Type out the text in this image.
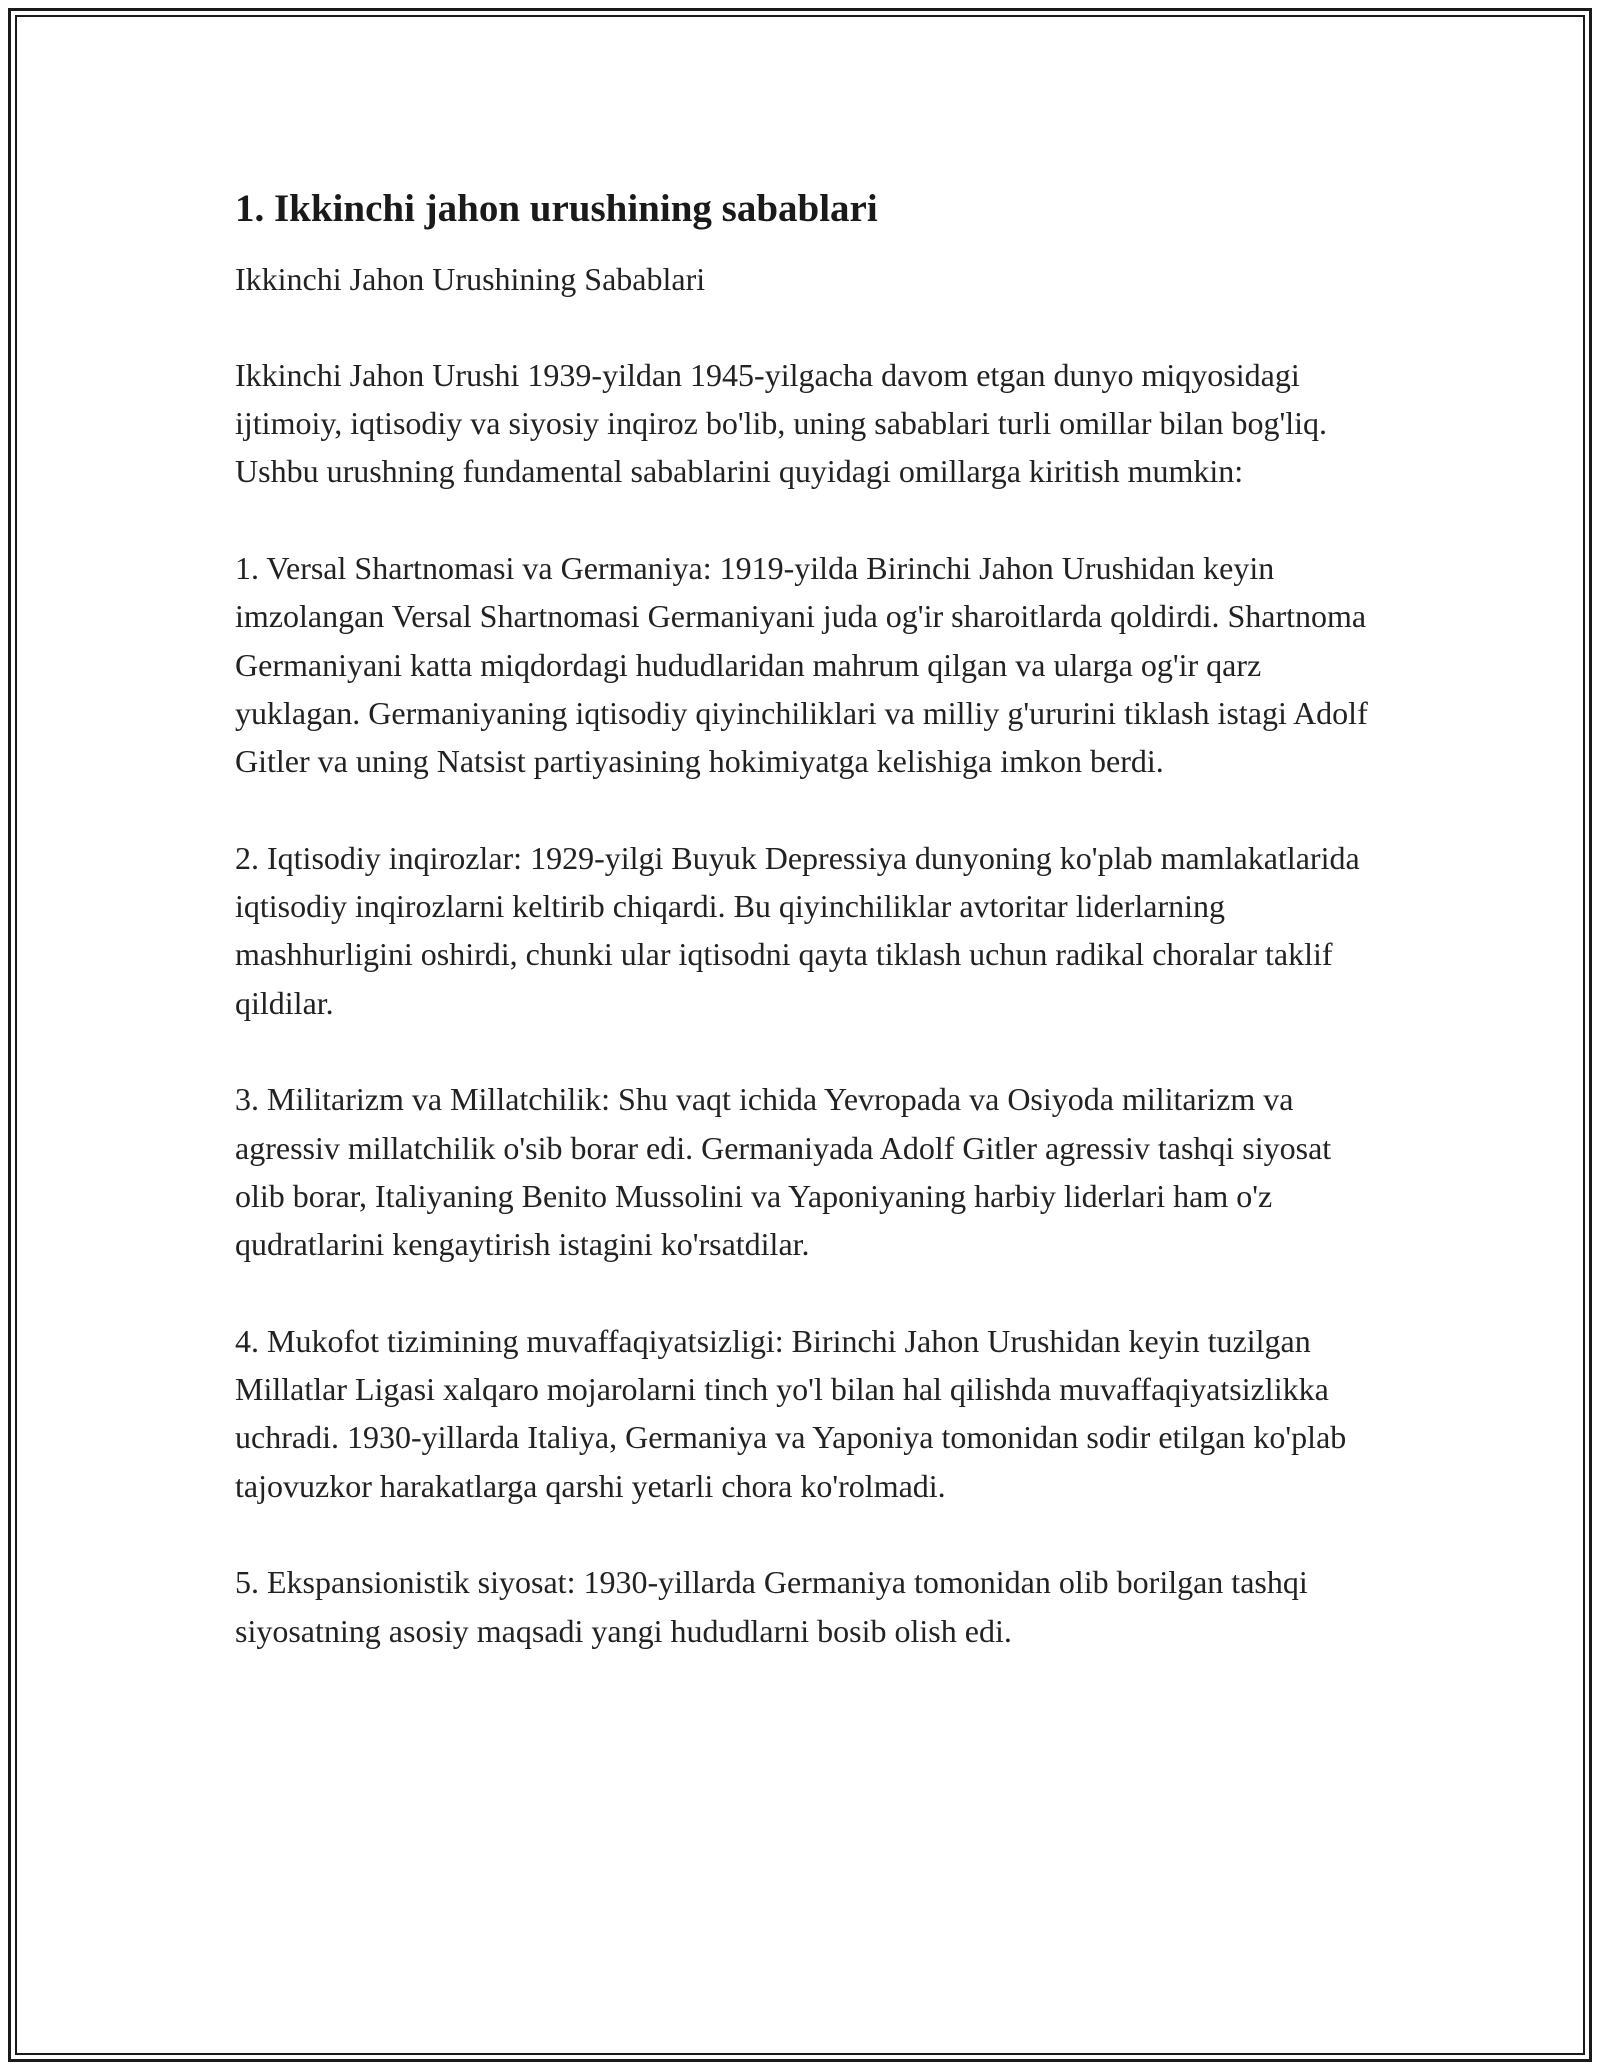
1. Ikkinchi jahon urushining sabablari

Ikkinchi Jahon Urushining Sabablari

Ikkinchi Jahon Urushi 1939-yildan 1945-yilgacha davom etgan dunyo miqyosidagi ijtimoiy, iqtisodiy va siyosiy inqiroz bo'lib, uning sabablari turli omillar bilan bog'liq. Ushbu urushning fundamental sabablarini quyidagi omillarga kiritish mumkin:

1. Versal Shartnomasi va Germaniya: 1919-yilda Birinchi Jahon Urushidan keyin imzolangan Versal Shartnomasi Germaniyani juda og'ir sharoitlarda qoldirdi. Shartnoma Germaniyani katta miqdordagi hududlaridan mahrum qilgan va ularga og'ir qarz yuklagan. Germaniyaning iqtisodiy qiyinchiliklari va milliy g'ururini tiklash istagi Adolf Gitler va uning Natsist partiyasining hokimiyatga kelishiga imkon berdi.

2. Iqtisodiy inqirozlar: 1929-yilgi Buyuk Depressiya dunyoning ko'plab mamlakatlarida iqtisodiy inqirozlarni keltirib chiqardi. Bu qiyinchiliklar avtoritar liderlarning mashhurligini oshirdi, chunki ular iqtisodni qayta tiklash uchun radikal choralar taklif qildilar.

3. Militarizm va Millatchilik: Shu vaqt ichida Yevropada va Osiyoda militarizm va agressiv millatchilik o'sib borar edi. Germaniyada Adolf Gitler agressiv tashqi siyosat olib borar, Italiyaning Benito Mussolini va Yaponiyaning harbiy liderlari ham o'z qudratlarini kengaytirish istagini ko'rsatdilar.

4. Mukofot tizimining muvaffaqiyatsizligi: Birinchi Jahon Urushidan keyin tuzilgan Millatlar Ligasi xalqaro mojarolarni tinch yo'l bilan hal qilishda muvaffaqiyatsizlikka uchradi. 1930-yillarda Italiya, Germaniya va Yaponiya tomonidan sodir etilgan ko'plab tajovuzkor harakatlarga qarshi yetarli chora ko'rolmadi.

5. Ekspansionistik siyosat: 1930-yillarda Germaniya tomonidan olib borilgan tashqi siyosatning asosiy maqsadi yangi hududlarni bosib olish edi.
